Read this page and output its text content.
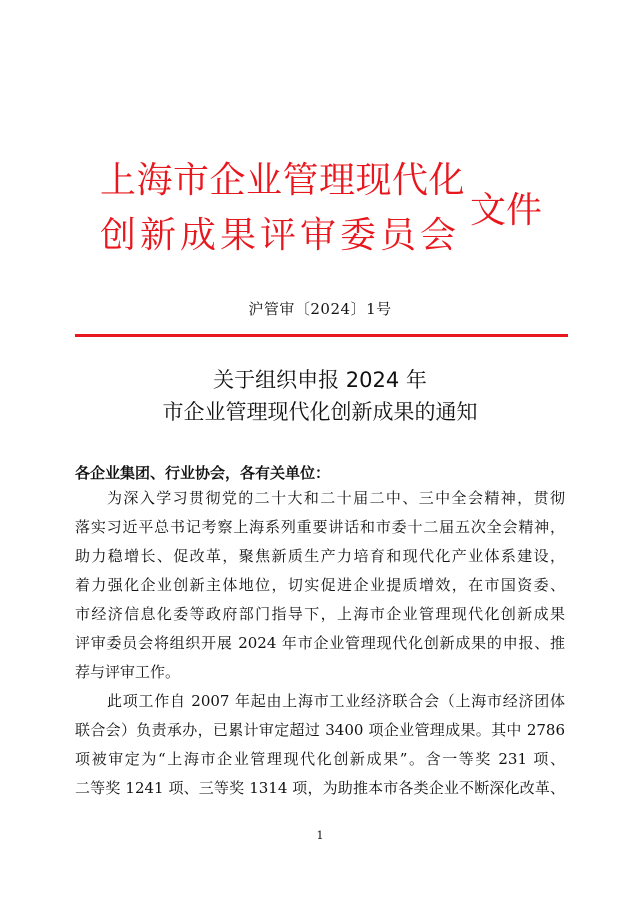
上海市企业管理现代化
创新成果评审委员会
文件
沪管审〔2024〕1号
关于组织申报 2024 年
市企业管理现代化创新成果的通知
各企业集团、行业协会，各有关单位：
为深入学习贯彻党的二十大和二十届二中、三中全会精神，贯彻
落实习近平总书记考察上海系列重要讲话和市委十二届五次全会精神，
助力稳增长、促改革，聚焦新质生产力培育和现代化产业体系建设，
着力强化企业创新主体地位，切实促进企业提质增效，在市国资委、
市经济信息化委等政府部门指导下，上海市企业管理现代化创新成果
评审委员会将组织开展 2024 年市企业管理现代化创新成果的申报、推
荐与评审工作。
此项工作自 2007 年起由上海市工业经济联合会（上海市经济团体
联合会）负责承办，已累计审定超过 3400 项企业管理成果。其中 2786
项被审定为“上海市企业管理现代化创新成果”。含一等奖 231 项、
二等奖 1241 项、三等奖 1314 项，为助推本市各类企业不断深化改革、
1
